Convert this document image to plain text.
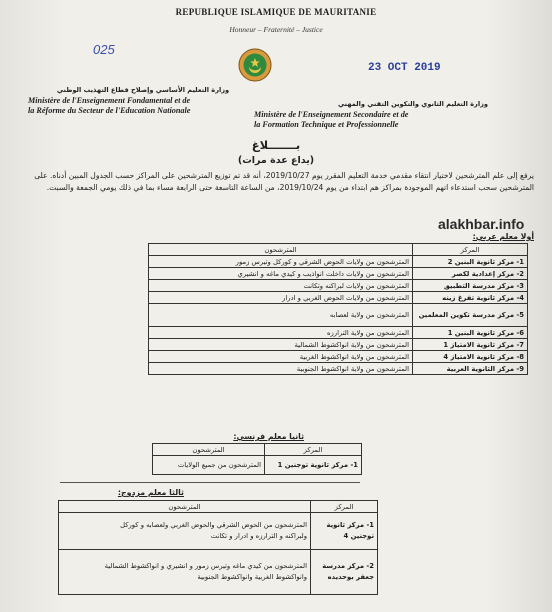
REPUBLIQUE ISLAMIQUE DE MAURITANIE
Honneur – Fraternité – Justice
025
23 OCT 2019
وزارة التعليم الأساسي وإصلاح قطاع التهذيب الوطني
Ministère de l'Enseignement Fondamental et de
la Réforme du Secteur de l'Education Nationale
وزارة التعليم الثانوي والتكوين التقني والمهني
Ministère de l'Enseignement Secondaire et de
la Formation Technique et Professionnelle
بـــــــلاغ
(يداع عدة مرات)
يرفع إلى علم المترشحين لاختيار انتقاء مقدمي خدمة التعليم المقرر يوم 2019/10/27، أنه قد تم توزيع المترشحين على المراكز حسب الجدول المبين أدناه. على المترشحين سحب استدعاء اتهم الموجودة بمراكز هم ابتداء من يوم 2019/10/24، من الساعة التاسعة حتى الرابعة مساء بما في ذلك يومي الجمعة والسبت.
alakhbar.info
أولا معلم عربي:
المركز	المترشحون
1- مركز ثانوية البنين 2	المترشحون من ولايات الحوض الشرقي و كوركل وتيرس زمور
2- مركز إعدادية لكصر	المترشحون من ولايات داخلت انواذيب و كيدي ماغه و انشيري
3- مركز مدرسة التطبيق	المترشحون من ولايات لبراكنه وتكانت
4- مركز ثانوية تفرغ زينه	المترشحون من ولايات الحوض الغربي و ادرار
5- مركز مدرسة تكوين المعلمين	المترشحون من ولاية لعصابه
6- مركز ثانوية البنين 1	المترشحون من ولاية الترارزه
7- مركز ثانوية الامتياز 1	المترشحون من ولاية انواكشوط الشمالية
8- مركز ثانوية الامتياز 4	المترشحون من ولاية انواكشوط الغربية
9- مركز الثانوية العربية	المترشحون من ولاية انواكشوط الجنوبية
ثانيا معلم فرنسي:
المركز	المترشحون
1- مركز ثانوية توجنين 1	المترشحون من جميع الولايات
ثالثا معلم مزدوج:
المركز	المترشحون
1- مركز ثانوية توجنين 4	المترشحون من الحوض الشرقي والحوض الغربي ولعصابه و كوركل
ولبراكنه و الترارزه و ادرار و تكانت

2- مركز مدرسة جعفر بوحديده	المترشحون من كيدي ماغه وتيرس زمور و انشيري و انواكشوط الشمالية
وانواكشوط الغربية وانواكشوط الجنوبية
